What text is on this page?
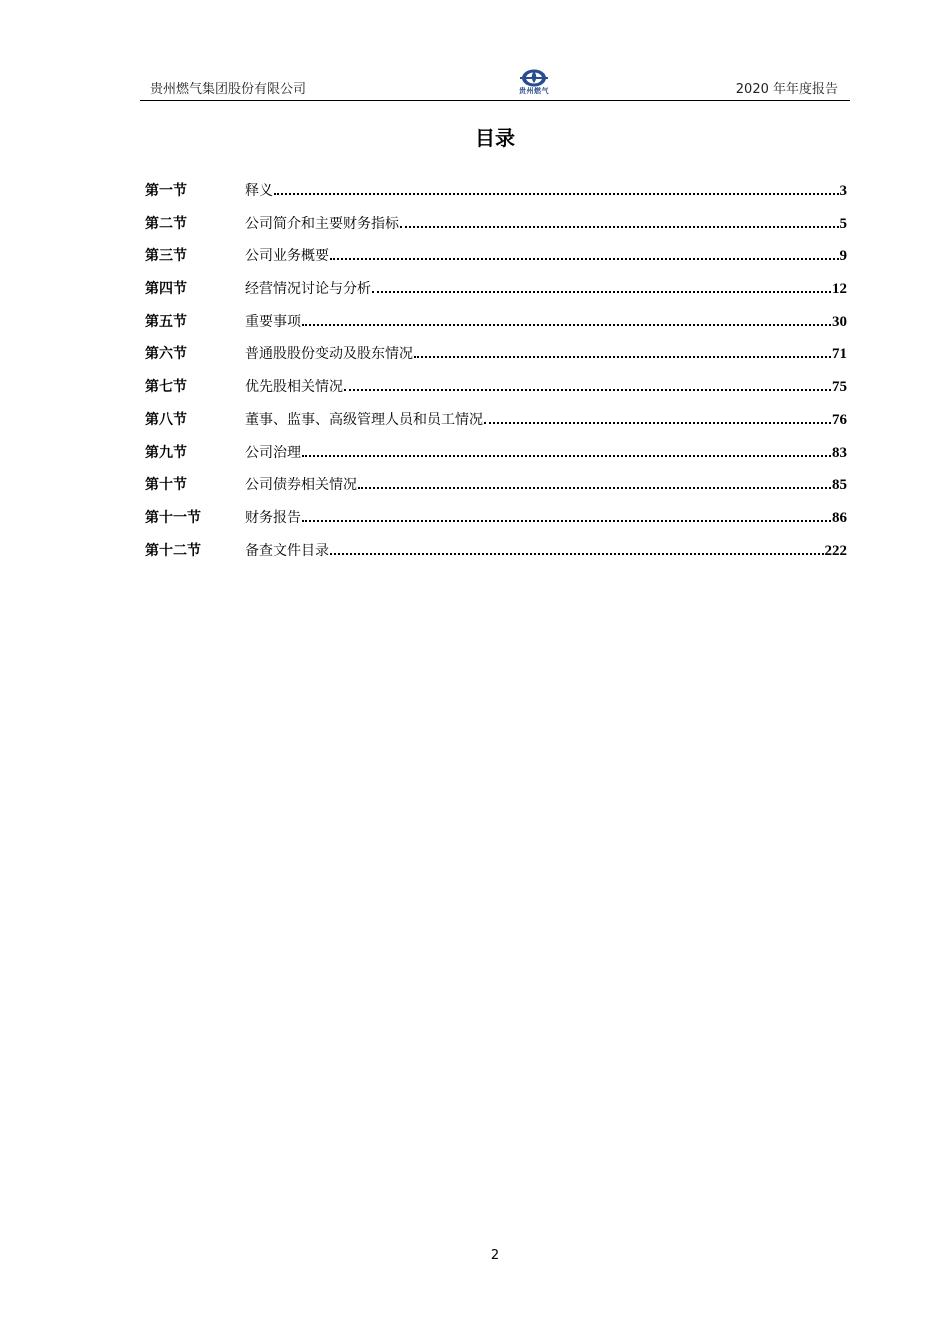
贵州燃气集团股份有限公司	贵州燃气	2020 年年度报告
目录
第一节	释义	3
第二节	公司简介和主要财务指标	5
第三节	公司业务概要	9
第四节	经营情况讨论与分析	12
第五节	重要事项	30
第六节	普通股股份变动及股东情况	71
第七节	优先股相关情况	75
第八节	董事、监事、高级管理人员和员工情况	76
第九节	公司治理	83
第十节	公司债券相关情况	85
第十一节	财务报告	86
第十二节	备查文件目录	222
2
